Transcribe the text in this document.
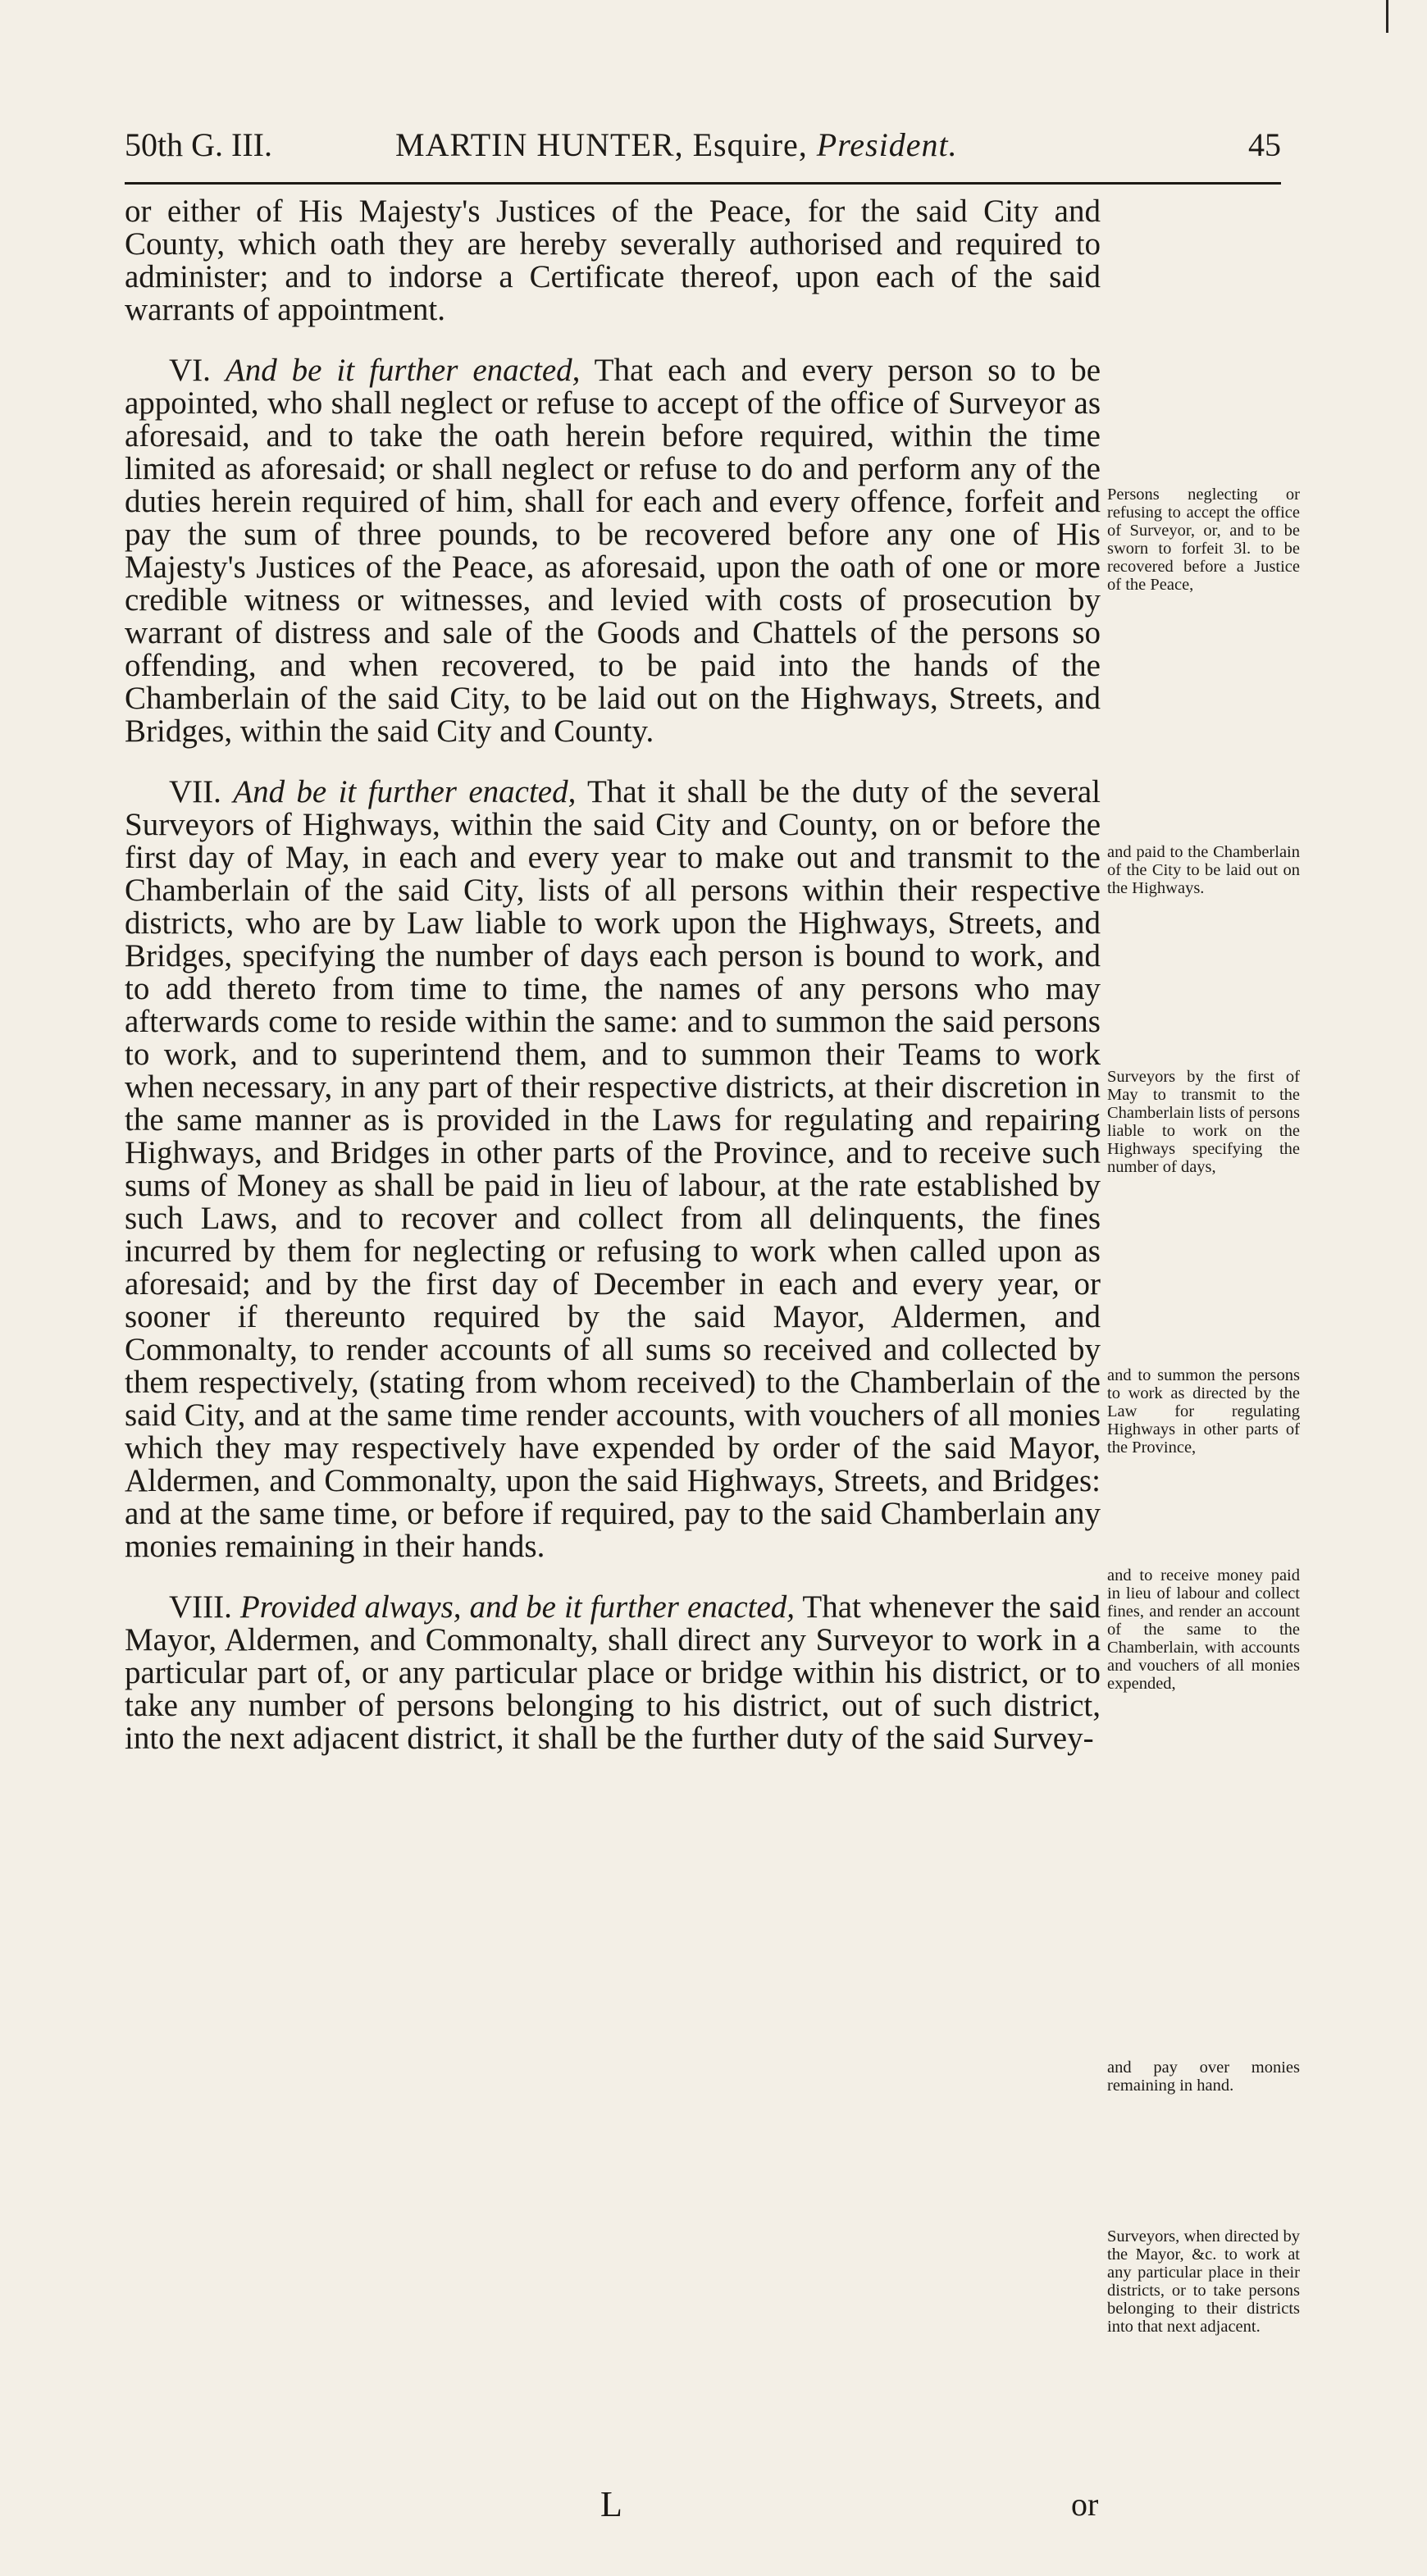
50th G. III.	MARTIN HUNTER, Esquire, President.	45

or either of His Majesty's Justices of the Peace, for the said City and County, which oath they are hereby severally authorised and required to administer; and to indorse a Certificate thereof, upon each of the said warrants of appointment.

VI. And be it further enacted, That each and every person so to be appointed, who shall neglect or refuse to accept of the office of Surveyor as aforesaid, and to take the oath herein before required, within the time limited as aforesaid; or shall neglect or refuse to do and perform any of the duties herein required of him, shall for each and every offence, forfeit and pay the sum of three pounds, to be recovered before any one of His Majesty's Justices of the Peace, as aforesaid, upon the oath of one or more credible witness or witnesses, and levied with costs of prosecution by warrant of distress and sale of the Goods and Chattels of the persons so offending, and when recovered, to be paid into the hands of the Chamberlain of the said City, to be laid out on the Highways, Streets, and Bridges, within the said City and County.

VII. And be it further enacted, That it shall be the duty of the several Surveyors of Highways, within the said City and County, on or before the first day of May, in each and every year to make out and transmit to the Chamberlain of the said City, lists of all persons within their respective districts, who are by Law liable to work upon the Highways, Streets, and Bridges, specifying the number of days each person is bound to work, and to add thereto from time to time, the names of any persons who may afterwards come to reside within the same: and to summon the said persons to work, and to superintend them, and to summon their Teams to work when necessary, in any part of their respective districts, at their discretion in the same manner as is provided in the Laws for regulating and repairing Highways, and Bridges in other parts of the Province, and to receive such sums of Money as shall be paid in lieu of labour, at the rate established by such Laws, and to recover and collect from all delinquents, the fines incurred by them for neglecting or refusing to work when called upon as aforesaid; and by the first day of December in each and every year, or sooner if thereunto required by the said Mayor, Aldermen, and Commonalty, to render accounts of all sums so received and collected by them respectively, (stating from whom received) to the Chamberlain of the said City, and at the same time render accounts, with vouchers of all monies which they may respectively have expended by order of the said Mayor, Aldermen, and Commonalty, upon the said Highways, Streets, and Bridges: and at the same time, or before if required, pay to the said Chamberlain any monies remaining in their hands.

VIII. Provided always, and be it further enacted, That whenever the said Mayor, Aldermen, and Commonalty, shall direct any Surveyor to work in a particular part of, or any particular place or bridge within his district, or to take any number of persons belonging to his district, out of such district, into the next adjacent district, it shall be the further duty of the said Survey-

Persons neglecting or refusing to accept the office of Surveyor, or, and to be sworn to forfeit 3l. to be recovered before a Justice of the Peace,
and paid to the Chamberlain of the City to be laid out on the Highways.
Surveyors by the first of May to transmit to the Chamberlain lists of persons liable to work on the Highways specifying the number of days,
and to summon the persons to work as directed by the Law for regulating Highways in other parts of the Province,
and to receive money paid in lieu of labour and collect fines, and render an account of the same to the Chamberlain, with accounts and vouchers of all monies expended,
and pay over monies remaining in hand.
Surveyors, when directed by the Mayor, &c. to work at any particular place in their districts, or to take persons belonging to their districts into that next adjacent.
L	or
